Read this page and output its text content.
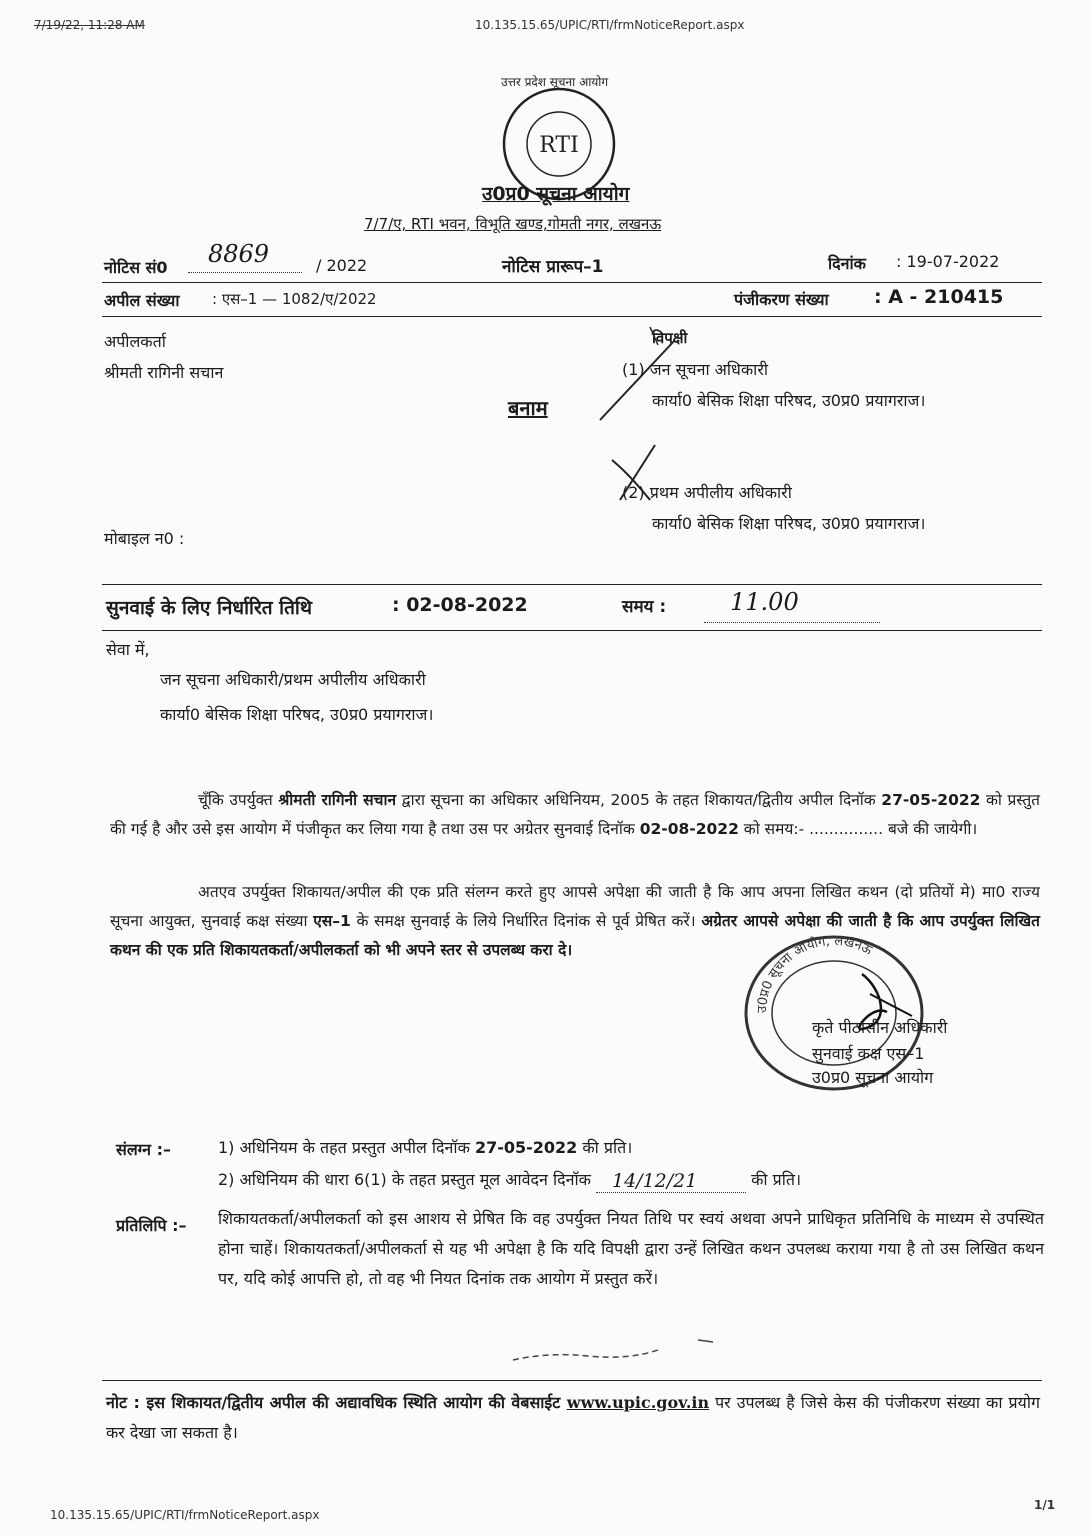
7/19/22, 11:28 AM	10.135.15.65/UPIC/RTI/frmNoticeReport.aspx
उत्तर प्रदेश सूचना आयोग
RTI
उ0प्र0 सूचना आयोग
7/7/ए, RTI भवन, विभूति खण्ड,गोमती नगर, लखनऊ
नोटिस सं0 8869	/ 2022	नोटिस प्रारूप–1	दिनांक : 19-07-2022
अपील संख्या : एस–1 — 1082/ए/2022	पंजीकरण संख्या : A - 210415
अपीलकर्ता
श्रीमती रागिनी सचान
बनाम
विपक्षी
(1) जन सूचना अधिकारी
कार्या0 बेसिक शिक्षा परिषद, उ0प्र0 प्रयागराज।
(2) प्रथम अपीलीय अधिकारी
कार्या0 बेसिक शिक्षा परिषद, उ0प्र0 प्रयागराज।
मोबाइल न0 :
सुनवाई के लिए निर्धारित तिथि	: 02-08-2022	समय :	11.00
सेवा में,
जन सूचना अधिकारी/प्रथम अपीलीय अधिकारी
कार्या0 बेसिक शिक्षा परिषद, उ0प्र0 प्रयागराज।
चूँकि उपर्युक्त श्रीमती रागिनी सचान द्वारा सूचना का अधिकार अधिनियम, 2005 के तहत शिकायत/द्वितीय अपील दिनॉक 27-05-2022 को प्रस्तुत की गई है और उसे इस आयोग में पंजीकृत कर लिया गया है तथा उस पर अग्रेतर सुनवाई दिनॉक 02-08-2022 को समय:- ............... बजे की जायेगी।
अतएव उपर्युक्त शिकायत/अपील की एक प्रति संलग्न करते हुए आपसे अपेक्षा की जाती है कि आप अपना लिखित कथन (दो प्रतियों मे) मा0 राज्य सूचना आयुक्त, सुनवाई कक्ष संख्या एस–1 के समक्ष सुनवाई के लिये निर्धारित दिनांक से पूर्व प्रेषित करें। अग्रेतर आपसे अपेक्षा की जाती है कि आप उपर्युक्त लिखित कथन की एक प्रति शिकायतकर्ता/अपीलकर्ता को भी अपने स्तर से उपलब्ध करा दे।
उ0प्र0 सूचना आयोग, लखनऊ
कृते पीठासीन अधिकारी
सुनवाई कक्ष एस–1
उ0प्र0 सूचना आयोग
संलग्न :–	1) अधिनियम के तहत प्रस्तुत अपील दिनॉक 27-05-2022 की प्रति।
2) अधिनियम की धारा 6(1) के तहत प्रस्तुत मूल आवेदन दिनॉक 14/12/21	की प्रति।
प्रतिलिपि :– शिकायतकर्ता/अपीलकर्ता को इस आशय से प्रेषित कि वह उपर्युक्त नियत तिथि पर स्वयं अथवा अपने प्राधिकृत प्रतिनिधि के माध्यम से उपस्थित होना चाहें। शिकायतकर्ता/अपीलकर्ता से यह भी अपेक्षा है कि यदि विपक्षी द्वारा उन्हें लिखित कथन उपलब्ध कराया गया है तो उस लिखित कथन पर, यदि कोई आपत्ति हो, तो वह भी नियत दिनांक तक आयोग में प्रस्तुत करें।
नोट : इस शिकायत/द्वितीय अपील की अद्यावधिक स्थिति आयोग की वेबसाईट www.upic.gov.in पर उपलब्ध है जिसे केस की पंजीकरण संख्या का प्रयोग कर देखा जा सकता है।
10.135.15.65/UPIC/RTI/frmNoticeReport.aspx
1/1
